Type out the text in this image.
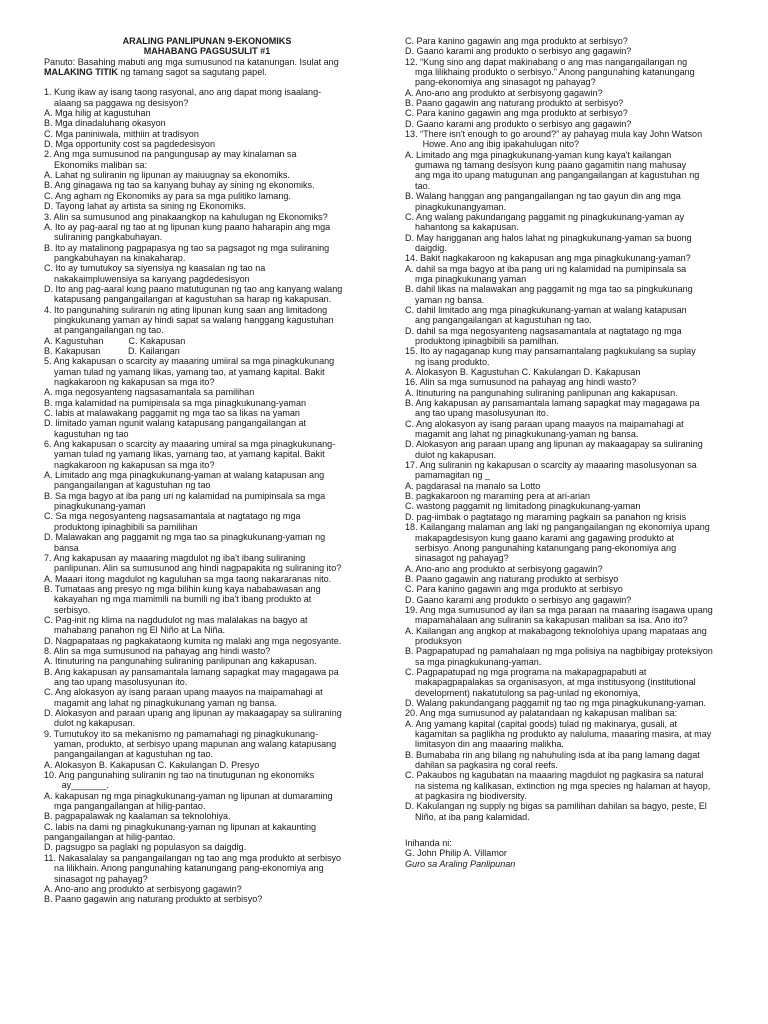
ARALING PANLIPUNAN 9-EKONOMIKS
MAHABANG PAGSUSULIT #1
Panuto: Basahing mabuti ang mga sumusunod na katanungan. Isulat ang
MALAKING TITIK ng tamang sagot sa sagutang papel.
1. Kung ikaw ay isang taong rasyonal, ano ang dapat mong isaalang-
alaang sa paggawa ng desisyon?
A. Mga hilig at kagustuhan
B. Mga dinadaluhang okasyon
C. Mga paniniwala, mithiin at tradisyon
D. Mga opportunity cost sa pagdedesisyon
2. Ang mga sumusunod na pangungusap ay may kinalaman sa
Ekonomiks maliban sa:
A. Lahat ng suliranin ng lipunan ay maiuugnay sa ekonomiks.
B. Ang ginagawa ng tao sa kanyang buhay ay sining ng ekonomiks.
C. Ang agham ng Ekonomiks ay para sa mga pulitiko lamang.
D. Tayong lahat ay artista sa sining ng Ekonomiks.
3. Alin sa sumusunod ang pinakaangkop na kahulugan ng Ekonomiks?
A. Ito ay pag-aaral ng tao at ng lipunan kung paano haharapin ang mga
suliraning pangkabuhayan.
B. Ito ay matalinong pagpapasya ng tao sa pagsagot ng mga suliraning
pangkabuhayan na kinakaharap.
C. Ito ay tumutukoy sa siyensiya ng kaasalan ng tao na
nakakaimpluwensiya sa kanyang pagdedesisyon
D. Ito ang pag-aaral kung paano matutugunan ng tao ang kanyang walang
katapusang pangangailangan at kagustuhan sa harap ng kakapusan.
4. Ito pangunahing suliranin ng ating lipunan kung saan ang limitadong
pingkukunang yaman ay hindi sapat sa walang hanggang kagustuhan
at pangangailangan ng tao.
A. Kagustuhan          C. Kakapusan
B. Kakapusan           D. Kailangan
5. Ang kakapusan o scarcity ay maaaring umiiral sa mga pinagkukunang
yaman tulad ng yamang likas, yamang tao, at yamang kapital. Bakit
nagkakaroon ng kakapusan sa mga ito?
A. mga negosyanteng nagsasamantala sa pamilihan
B. mga kalamidad na pumipinsala sa mga pinagkukunang-yaman
C. labis at malawakang paggamit ng mga tao sa likas na yaman
D. limitado yaman ngunit walang katapusang pangangailangan at
kagustuhan ng tao
6. Ang kakapusan o scarcity ay maaaring umiral sa mga pinagkukunang-
yaman tulad ng yamang likas, yamang tao, at yamang kapital. Bakit
nagkakaroon ng kakapusan sa mga ito?
A. Limitado ang mga pinagkukunang-yaman at walang katapusan ang
pangangailangan at kagustuhan ng tao
B. Sa mga bagyo at iba pang uri ng kalamidad na pumipinsala sa mga
pinagkukunang-yaman
C. Sa mga negosyanteng nagsasamantala at nagtatago ng mga
produktong ipinagbibili sa pamilihan
D. Malawakan ang paggamit ng mga tao sa pinagkukunang-yaman ng
bansa
7. Ang kakapusan ay maaaring magdulot ng iba't ibang suliraning
panlipunan. Alin sa sumusunod ang hindi nagpapakita ng suliraning ito?
A. Maaari itong magdulot ng kaguluhan sa mga taong nakararanas nito.
B. Tumataas ang presyo ng mga bilihin kung kaya nababawasan ang
kakayahan ng mga mamimili na bumili ng iba't ibang produkto at
serbisyo.
C. Pag-init ng klima na nagdudulot ng mas malalakas na bagyo at
mahabang panahon ng El Niño at La Niña.
D. Nagpapataas ng pagkakataong kumita ng malaki ang mga negosyante.
8. Alin sa mga sumusunod na pahayag ang hindi wasto?
A. Itinuturing na pangunahing suliraning panlipunan ang kakapusan.
B. Ang kakapusan ay pansamantala lamang sapagkat may magagawa pa
ang tao upang masolusyunan ito.
C. Ang alokasyon ay isang paraan upang maayos na maipamahagi at
magamit ang lahat ng pinagkukunang yaman ng bansa.
D. Alokasyon and paraan upang ang lipunan ay makaagapay sa suliraning
dulot ng kakapusan.
9. Tumutukoy ito sa mekanismo ng pamamahagi ng pinagkukunang-
yaman, produkto, at serbisyo upang mapunan ang walang katapusang
pangangailangan at kagustuhan ng tao.
A. Alokasyon B. Kakapusan C. Kakulangan D. Presyo
10. Ang pangunahing suliranin ng tao na tinutugunan ng ekonomiks
ay_______.
A. kakapusan ng mga pinagkukunang-yaman ng lipunan at dumaraming
mga pangangailangan at hilig-pantao.
B. pagpapalawak ng kaalaman sa teknolohiya.
C. labis na dami ng pinagkukunang-yaman ng lipunan at kakaunting
pangangailangan at hilig-pantao.
D. pagsugpo sa paglaki ng populasyon sa daigdig.
11. Nakasalalay sa pangangailangan ng tao ang mga produkto at serbisyo
na lilikhain. Anong pangunahing katanungang pang-ekonomiya ang
sinasagot ng pahayag?
A. Ano-ano ang produkto at serbisyong gagawin?
B. Paano gagawin ang naturang produkto at serbisyo?
C. Para kanino gagawin ang mga produkto at serbisyo?
D. Gaano karami ang produkto o serbisyo ang gagawin?
12. “Kung sino ang dapat makinabang o ang mas nangangailangan ng
mga lilikhaing produkto o serbisyo.” Anong pangunahing katanungang
pang-ekonomiya ang sinasagot ng pahayag?
A. Ano-ano ang produkto at serbisyong gagawin?
B. Paano gagawin ang naturang produkto at serbisyo?
C. Para kanino gagawin ang mga produkto at serbisyo?
D. Gaano karami ang produkto o serbisyo ang gagawin?
13. “There isn't enough to go around?” ay pahayag mula kay John Watson
Howe. Ano ang ibig ipakahulugan nito?
A. Limitado ang mga pinagkukunang-yaman kung kaya't kailangan
gumawa ng tamang desisyon kung paano gagamitin nang mahusay
ang mga ito upang matugunan ang pangangailangan at kagustuhan ng
tao.
B. Walang hanggan ang pangangailangan ng tao gayun din ang mga
pinagkukunangyaman.
C. Ang walang pakundangang paggamit ng pinagkukunang-yaman ay
hahantong sa kakapusan.
D. May hangganan ang halos lahat ng pinagkukunang-yaman sa buong
daigdig.
14. Bakit nagkakaroon ng kakapusan ang mga pinagkukunang-yaman?
A. dahil sa mga bagyo at iba pang uri ng kalamidad na pumipinsala sa
mga pinagkukunang yaman
B. dahil likas na malawakan ang paggamit ng mga tao sa pingkukunang
yaman ng bansa.
C. dahil limitado ang mga pinagkukunang-yaman at walang katapusan
ang pangangailangan at kagustuhan ng tao.
D. dahil sa mga negosyanteng nagsasamantala at nagtatago ng mga
produktong ipinagbibili sa pamilhan.
15. Ito ay nagaganap kung may pansamantalang pagkukulang sa suplay
ng isang produkto.
A. Alokasyon B. Kagustuhan C. Kakulangan D. Kakapusan
16. Alin sa mga sumusunod na pahayag ang hindi wasto?
A. Itinuturing na pangunahing suliraning panlipunan ang kakapusan.
B. Ang kakapusan ay pansamantala lamang sapagkat may magagawa pa
ang tao upang masolusyunan ito.
C. Ang alokasyon ay isang paraan upang maayos na maipamahagi at
magamit ang lahat ng pinagkukunang-yaman ng bansa.
D. Alokasyon ang paraan upang ang lipunan ay makaagapay sa suliraning
dulot ng kakapusan.
17. Ang suliranin ng kakapusan o scarcity ay maaaring masolusyonan sa
pamamagitan ng _
A. pagdarasal na manalo sa Lotto
B. pagkakaroon ng maraming pera at ari-arian
C. wastong paggamit ng limitadong pinagkukunang-yaman
D. pag-iimbak o pagtatago ng maraming pagkain sa panahon ng krisis
18. Kailangang malaman ang laki ng pangangailangan ng ekonomiya upang
makapagdesisyon kung gaano karami ang gagawing produkto at
serbisyo. Anong pangunahing katanungang pang-ekonomiya ang
sinasagot ng pahayag?
A. Ano-ano ang produkto at serbisyong gagawin?
B. Paano gagawin ang naturang produkto at serbisyo
C. Para kanino gagawin ang mga produkto at serbisyo
D. Gaano karami ang produkto o serbisyo ang gagawin?
19. Ang mga sumusunod ay ilan sa mga paraan na maaaring isagawa upang
mapamahalaan ang suliranin sa kakapusan maliban sa isa. Ano ito?
A. Kailangan ang angkop at makabagong teknolohiya upang mapataas ang
produksyon
B. Pagpapatupad ng pamahalaan ng mga polisiya na nagbibigay proteksiyon
sa mga pinagkukunang-yaman.
C. Pagpapatupad ng mga programa na makapagpapabuti at
makapagpapalakas sa organisasyon, at mga institusyong (institutional
development) nakatutulong sa pag-unlad ng ekonomiya,
D. Walang pakundangang paggamit ng tao ng mga pinagkukunang-yaman.
20. Ang mga sumusunod ay palatandaan ng kakapusan maliban sa:
A. Ang yamang kapital (capital goods) tulad ng makinarya, gusali, at
kagamitan sa paglikha ng produkto ay naluluma, maaaring masira, at may
limitasyon din ang maaaring malikha.
B. Bumababa rin ang bilang ng nahuhuling isda at iba pang lamang dagat
dahilan sa pagkasira ng coral reefs.
C. Pakaubos ng kagubatan na maaaring magdulot ng pagkasira sa natural
na sistema ng kalikasan, extinction ng mga species ng halaman at hayop,
at pagkasira ng biodiversity.
D. Kakulangan ng supply ng bigas sa pamilihan dahilan sa bagyo, peste, El
Niño, at iba pang kalamidad.
Inihanda ni:
G. John Philip A. Villamor
Guro sa Araling Panlipunan
